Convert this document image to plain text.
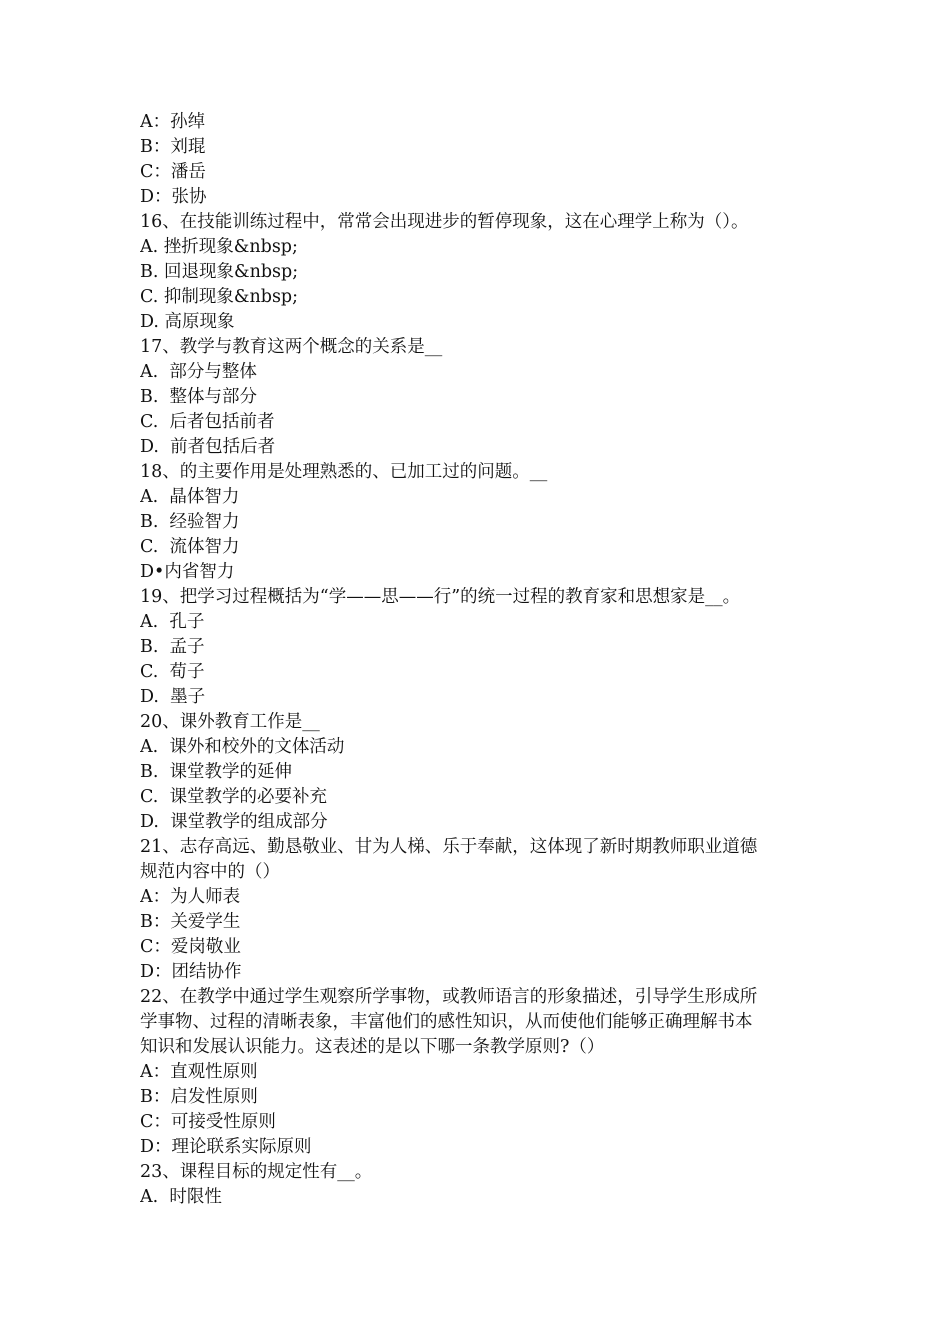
A：孙绰
B：刘琨
C：潘岳
D：张协
16、在技能训练过程中，常常会出现进步的暂停现象，这在心理学上称为（）。
A. 挫折现象&nbsp;
B. 回退现象&nbsp;
C. 抑制现象&nbsp;
D. 高原现象
17、教学与教育这两个概念的关系是__
A.  部分与整体
B.  整体与部分
C.  后者包括前者
D.  前者包括后者
18、的主要作用是处理熟悉的、已加工过的问题。__
A.  晶体智力
B.  经验智力
C.  流体智力
D•内省智力
19、把学习过程概括为“学——思——行”的统一过程的教育家和思想家是__。
A.  孔子
B.  孟子
C.  荀子
D.  墨子
20、课外教育工作是__
A.  课外和校外的文体活动
B.  课堂教学的延伸
C.  课堂教学的必要补充
D.  课堂教学的组成部分
21、志存高远、勤恳敬业、甘为人梯、乐于奉献，这体现了新时期教师职业道德
规范内容中的（）
A：为人师表
B：关爱学生
C：爱岗敬业
D：团结协作
22、在教学中通过学生观察所学事物，或教师语言的形象描述，引导学生形成所
学事物、过程的清晰表象，丰富他们的感性知识，从而使他们能够正确理解书本
知识和发展认识能力。这表述的是以下哪一条教学原则?（）
A：直观性原则
B：启发性原则
C：可接受性原则
D：理论联系实际原则
23、课程目标的规定性有__。
A.  时限性
